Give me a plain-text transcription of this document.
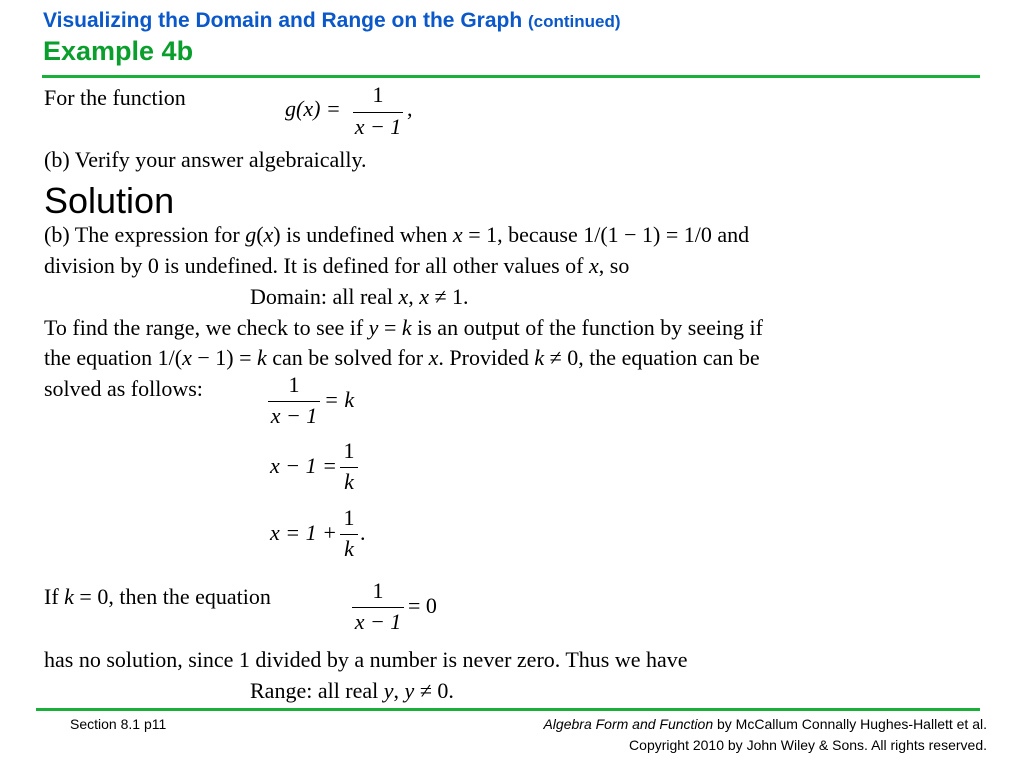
Visualizing the Domain and Range on the Graph (continued)
Example 4b
For the function	g(x) =
1
x − 1
,
(b) Verify your answer algebraically.
Solution
(b) The expression for g(x) is undefined when x = 1, because 1/(1 − 1) = 1/0 and
division by 0 is undefined. It is defined for all other values of x, so
Domain: all real x, x ≠ 1.
To find the range, we check to see if y = k is an output of the function by seeing if
the equation 1/(x − 1) = k can be solved for x. Provided k ≠ 0, the equation can be
solved as follows:	1
x − 1
= k
x − 1 =
1
k
x = 1 +
1
k
.
If k = 0, then the equation	1
x − 1
= 0
has no solution, since 1 divided by a number is never zero. Thus we have
Range: all real y, y ≠ 0.
Section 8.1 p11	Algebra Form and Function by McCallum Connally Hughes-Hallett et al.
Copyright 2010 by John Wiley & Sons. All rights reserved.
